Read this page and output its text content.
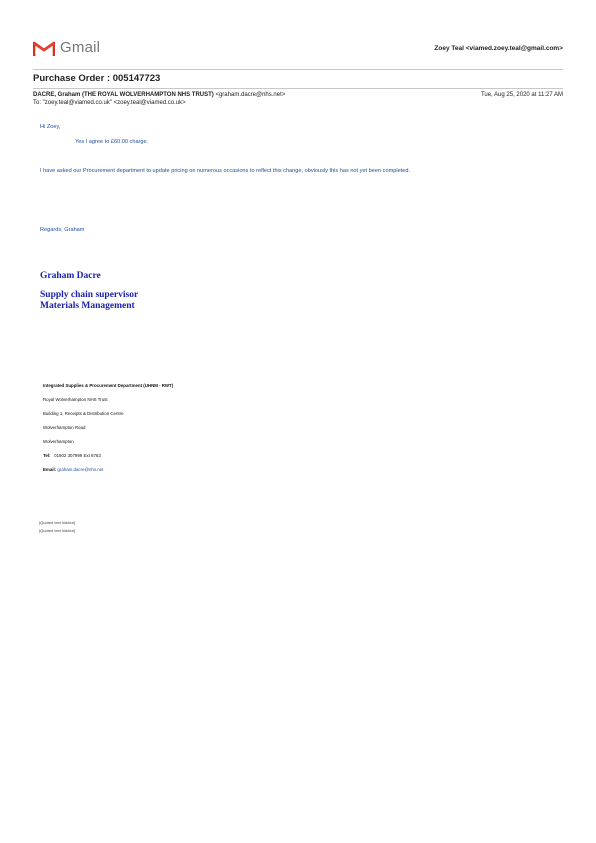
Gmail	Zoey Teal <viamed.zoey.teal@gmail.com>
Purchase Order : 005147723
DACRE, Graham (THE ROYAL WOLVERHAMPTON NHS TRUST) <graham.dacre@nhs.net>	Tue, Aug 25, 2020 at 11:27 AM
To: "zoey.teal@viamed.co.uk" <zoey.teal@viamed.co.uk>
Hi Zoey,
Yes I agree to £60.00 charge.
I have asked our Procurement department to update pricing on numerous occasions to reflect this change, obviously this has not yet been completed.
Regards, Graham
Graham Dacre
Supply chain supervisor
Materials Management
Integrated Supplies & Procurement Department (UHNM - RWT)
Royal Wolverhampton NHS Trust
Building 1, Receipts & Distribution Centre
Wolverhampton Road
Wolverhampton
Tel: 01902 307999 Ext 6763
Email: graham.dacre@nhs.net
[Quoted text hidden]
[Quoted text hidden]
